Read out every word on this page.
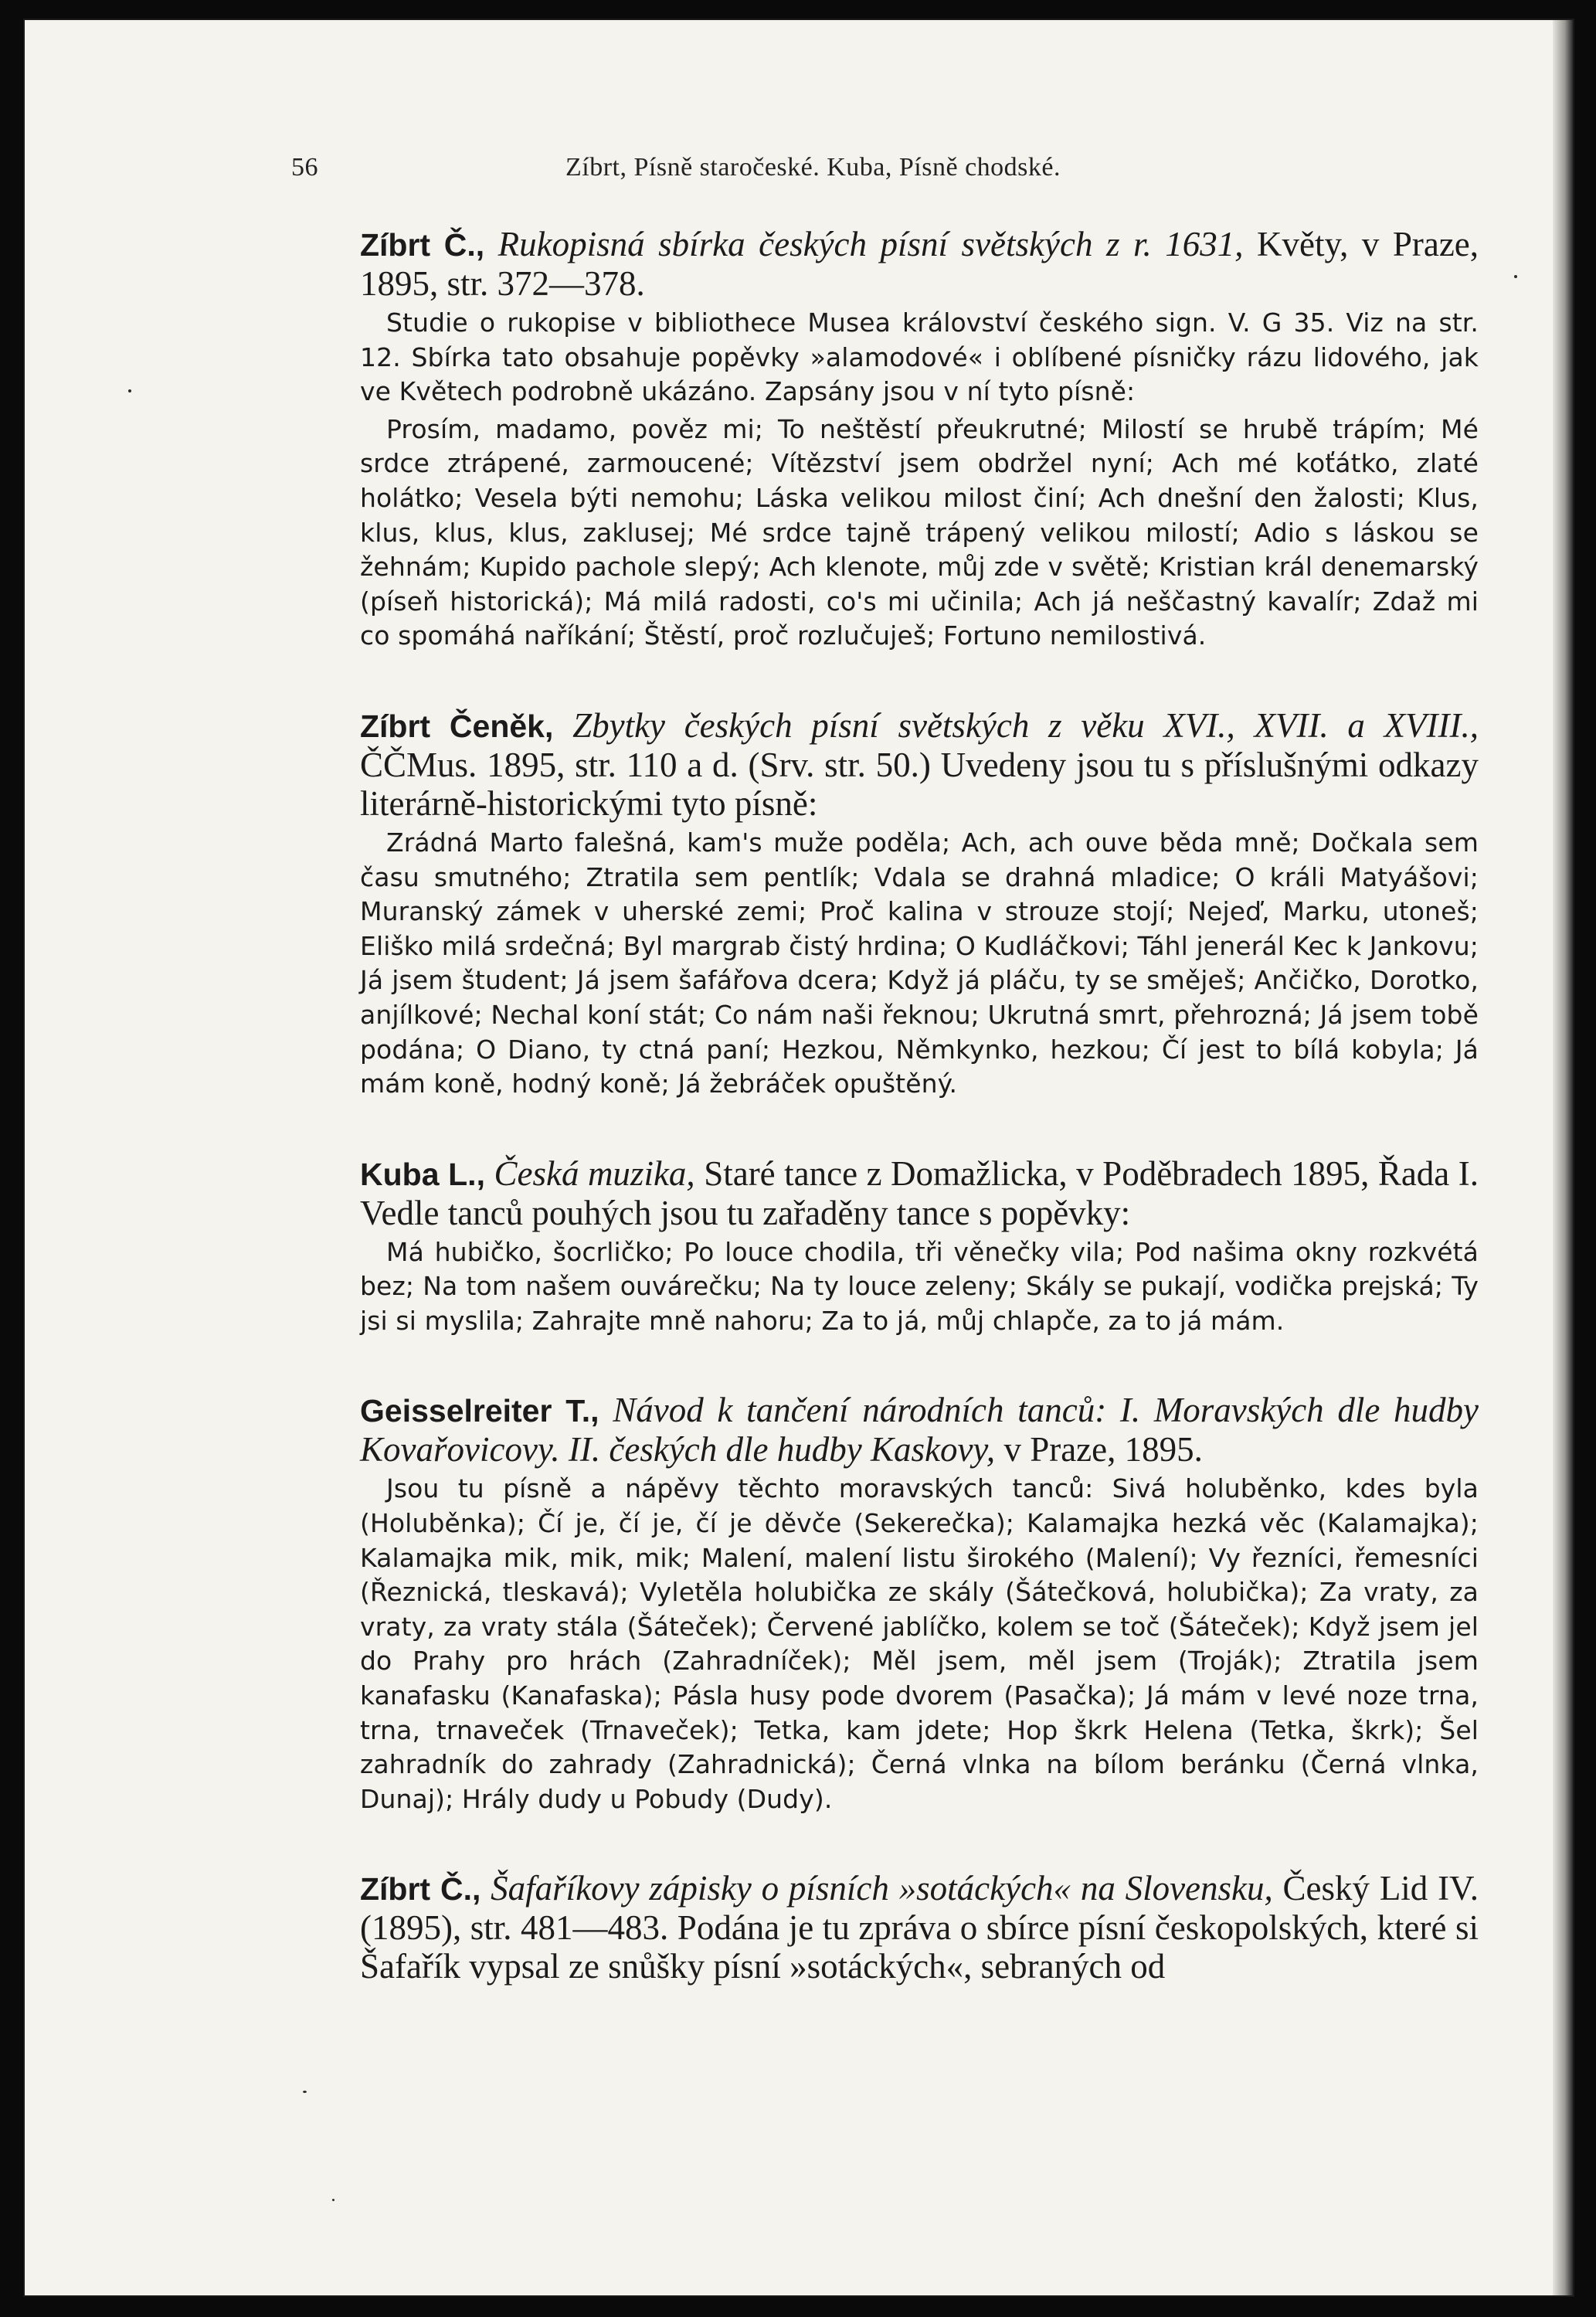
56	Zíbrt, Písně staročeské. Kuba, Písně chodské.

Zíbrt Č., Rukopisná sbírka českých písní světských z r. 1631, Květy, v Praze, 1895, str. 372—378.

Studie o rukopise v bibliothece Musea království českého sign. V. G 35. Viz na str. 12. Sbírka tato obsahuje popěvky »alamodové« i oblíbené písničky rázu lidového, jak ve Květech podrobně ukázáno. Zapsány jsou v ní tyto písně:

Prosím, madamo, pověz mi; To neštěstí přeukrutné; Milostí se hrubě trápím; Mé srdce ztrápené, zarmoucené; Vítězství jsem obdržel nyní; Ach mé koťátko, zlaté holátko; Vesela býti nemohu; Láska velikou milost činí; Ach dnešní den žalosti; Klus, klus, klus, klus, zaklusej; Mé srdce tajně trápený velikou milostí; Adio s láskou se žehnám; Kupido pachole slepý; Ach klenote, můj zde v světě; Kristian král denemarský (píseň historická); Má milá radosti, co's mi učinila; Ach já neščastný kavalír; Zdaž mi co spomáhá naříkání; Štěstí, proč rozlučuješ; Fortuno nemilostivá.

Zíbrt Čeněk, Zbytky českých písní světských z věku XVI., XVII. a XVIII., ČČMus. 1895, str. 110 a d. (Srv. str. 50.) Uvedeny jsou tu s příslušnými odkazy literárně-historickými tyto písně:

Zrádná Marto falešná, kam's muže poděla; Ach, ach ouve běda mně; Dočkala sem času smutného; Ztratila sem pentlík; Vdala se drahná mladice; O králi Matyášovi; Muranský zámek v uherské zemi; Proč kalina v strouze stojí; Nejeď, Marku, utoneš; Eliško milá srdečná; Byl margrab čistý hrdina; O Kudláčkovi; Táhl jenerál Kec k Jankovu; Já jsem študent; Já jsem šafářova dcera; Když já pláču, ty se směješ; Ančičko, Dorotko, anjílkové; Nechal koní stát; Co nám naši řeknou; Ukrutná smrt, přehrozná; Já jsem tobě podána; O Diano, ty ctná paní; Hezkou, Němkynko, hezkou; Čí jest to bílá kobyla; Já mám koně, hodný koně; Já žebráček opuštěný.

Kuba L., Česká muzika, Staré tance z Domažlicka, v Poděbradech 1895, Řada I. Vedle tanců pouhých jsou tu zařaděny tance s popěvky:

Má hubičko, šocrličko; Po louce chodila, tři věnečky vila; Pod našima okny rozkvétá bez; Na tom našem ouvárečku; Na ty louce zeleny; Skály se pukají, vodička prejská; Ty jsi si myslila; Zahrajte mně nahoru; Za to já, můj chlapče, za to já mám.

Geisselreiter T., Návod k tančení národních tanců: I. Moravských dle hudby Kovařovicovy. II. českých dle hudby Kaskovy, v Praze, 1895.

Jsou tu písně a nápěvy těchto moravských tanců: Sivá holuběnko, kdes byla (Holuběnka); Čí je, čí je, čí je děvče (Sekerečka); Kalamajka hezká věc (Kalamajka); Kalamajka mik, mik, mik; Malení, malení listu širokého (Malení); Vy řezníci, řemesníci (Řeznická, tleskavá); Vyletěla holubička ze skály (Šátečková, holubička); Za vraty, za vraty, za vraty stála (Šáteček); Červené jablíčko, kolem se toč (Šáteček); Když jsem jel do Prahy pro hrách (Zahradníček); Měl jsem, měl jsem (Troják); Ztratila jsem kanafasku (Kanafaska); Pásla husy pode dvorem (Pasačka); Já mám v levé noze trna, trna, trnaveček (Trnaveček); Tetka, kam jdete; Hop škrk Helena (Tetka, škrk); Šel zahradník do zahrady (Zahradnická); Černá vlnka na bílom beránku (Černá vlnka, Dunaj); Hrály dudy u Pobudy (Dudy).

Zíbrt Č., Šafaříkovy zápisky o písních »sotáckých« na Slovensku, Český Lid IV. (1895), str. 481—483. Podána je tu zpráva o sbírce písní českopolských, které si Šafařík vypsal ze snůšky písní »sotáckých«, sebraných od
